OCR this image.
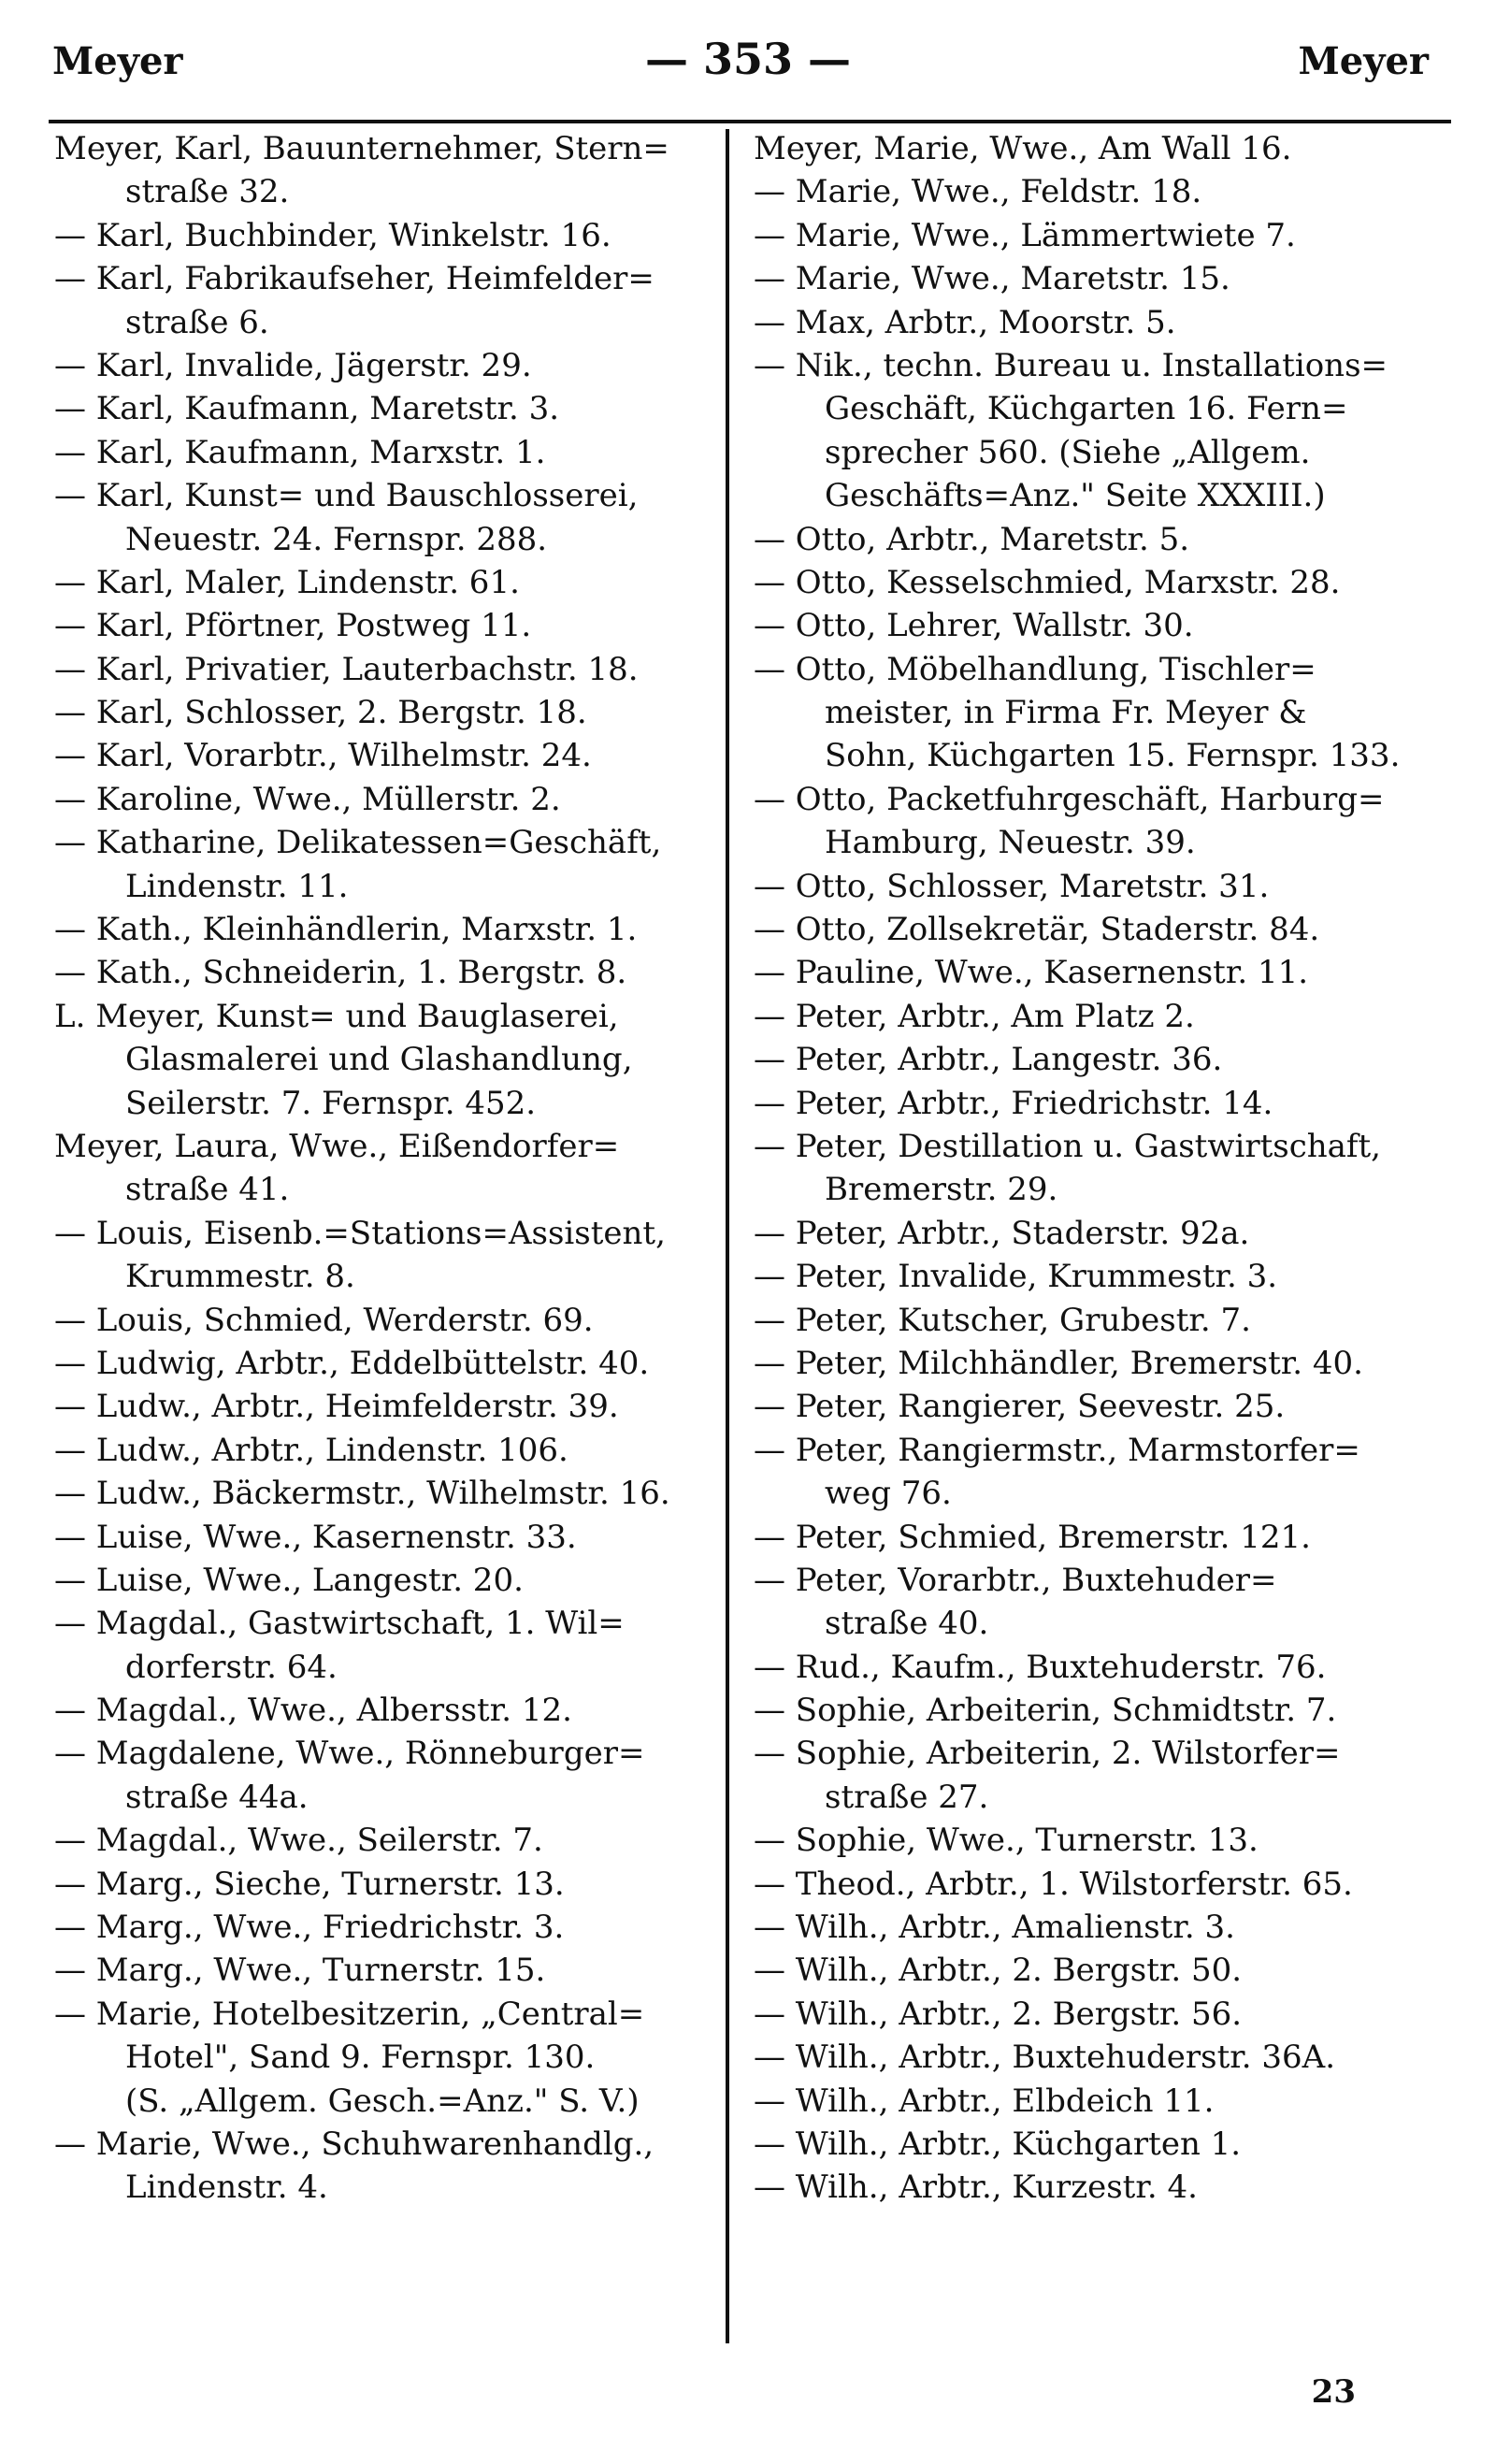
Meyer	— 353 —	Meyer
Meyer, Karl, Bauunternehmer, Stern=
straße 32.
— Karl, Buchbinder, Winkelstr. 16.
— Karl, Fabrikaufseher, Heimfelder=
straße 6.
— Karl, Invalide, Jägerstr. 29.
— Karl, Kaufmann, Maretstr. 3.
— Karl, Kaufmann, Marxstr. 1.
— Karl, Kunst= und Bauschlosserei,
Neuestr. 24. Fernspr. 288.
— Karl, Maler, Lindenstr. 61.
— Karl, Pförtner, Postweg 11.
— Karl, Privatier, Lauterbachstr. 18.
— Karl, Schlosser, 2. Bergstr. 18.
— Karl, Vorarbtr., Wilhelmstr. 24.
— Karoline, Wwe., Müllerstr. 2.
— Katharine, Delikatessen=Geschäft,
Lindenstr. 11.
— Kath., Kleinhändlerin, Marxstr. 1.
— Kath., Schneiderin, 1. Bergstr. 8.
L. Meyer, Kunst= und Bauglaserei,
Glasmalerei und Glashandlung,
Seilerstr. 7. Fernspr. 452.
Meyer, Laura, Wwe., Eißendorfer=
straße 41.
— Louis, Eisenb.=Stations=Assistent,
Krummestr. 8.
— Louis, Schmied, Werderstr. 69.
— Ludwig, Arbtr., Eddelbüttelstr. 40.
— Ludw., Arbtr., Heimfelderstr. 39.
— Ludw., Arbtr., Lindenstr. 106.
— Ludw., Bäckermstr., Wilhelmstr. 16.
— Luise, Wwe., Kasernenstr. 33.
— Luise, Wwe., Langestr. 20.
— Magdal., Gastwirtschaft, 1. Wil=
dorferstr. 64.
— Magdal., Wwe., Albersstr. 12.
— Magdalene, Wwe., Rönneburger=
straße 44a.
— Magdal., Wwe., Seilerstr. 7.
— Marg., Sieche, Turnerstr. 13.
— Marg., Wwe., Friedrichstr. 3.
— Marg., Wwe., Turnerstr. 15.
— Marie, Hotelbesitzerin, „Central=
Hotel", Sand 9. Fernspr. 130.
(S. „Allgem. Gesch.=Anz." S. V.)
— Marie, Wwe., Schuhwarenhandlg.,
Lindenstr. 4.
Meyer, Marie, Wwe., Am Wall 16.
— Marie, Wwe., Feldstr. 18.
— Marie, Wwe., Lämmertwiete 7.
— Marie, Wwe., Maretstr. 15.
— Max, Arbtr., Moorstr. 5.
— Nik., techn. Bureau u. Installations=
Geschäft, Küchgarten 16. Fern=
sprecher 560. (Siehe „Allgem.
Geschäfts=Anz." Seite XXXIII.)
— Otto, Arbtr., Maretstr. 5.
— Otto, Kesselschmied, Marxstr. 28.
— Otto, Lehrer, Wallstr. 30.
— Otto, Möbelhandlung, Tischler=
meister, in Firma Fr. Meyer &
Sohn, Küchgarten 15. Fernspr. 133.
— Otto, Packetfuhrgeschäft, Harburg=
Hamburg, Neuestr. 39.
— Otto, Schlosser, Maretstr. 31.
— Otto, Zollsekretär, Staderstr. 84.
— Pauline, Wwe., Kasernenstr. 11.
— Peter, Arbtr., Am Platz 2.
— Peter, Arbtr., Langestr. 36.
— Peter, Arbtr., Friedrichstr. 14.
— Peter, Destillation u. Gastwirtschaft,
Bremerstr. 29.
— Peter, Arbtr., Staderstr. 92a.
— Peter, Invalide, Krummestr. 3.
— Peter, Kutscher, Grubestr. 7.
— Peter, Milchhändler, Bremerstr. 40.
— Peter, Rangierer, Seevestr. 25.
— Peter, Rangiermstr., Marmstorfer=
weg 76.
— Peter, Schmied, Bremerstr. 121.
— Peter, Vorarbtr., Buxtehuder=
straße 40.
— Rud., Kaufm., Buxtehuderstr. 76.
— Sophie, Arbeiterin, Schmidtstr. 7.
— Sophie, Arbeiterin, 2. Wilstorfer=
straße 27.
— Sophie, Wwe., Turnerstr. 13.
— Theod., Arbtr., 1. Wilstorferstr. 65.
— Wilh., Arbtr., Amalienstr. 3.
— Wilh., Arbtr., 2. Bergstr. 50.
— Wilh., Arbtr., 2. Bergstr. 56.
— Wilh., Arbtr., Buxtehuderstr. 36A.
— Wilh., Arbtr., Elbdeich 11.
— Wilh., Arbtr., Küchgarten 1.
— Wilh., Arbtr., Kurzestr. 4.
23
